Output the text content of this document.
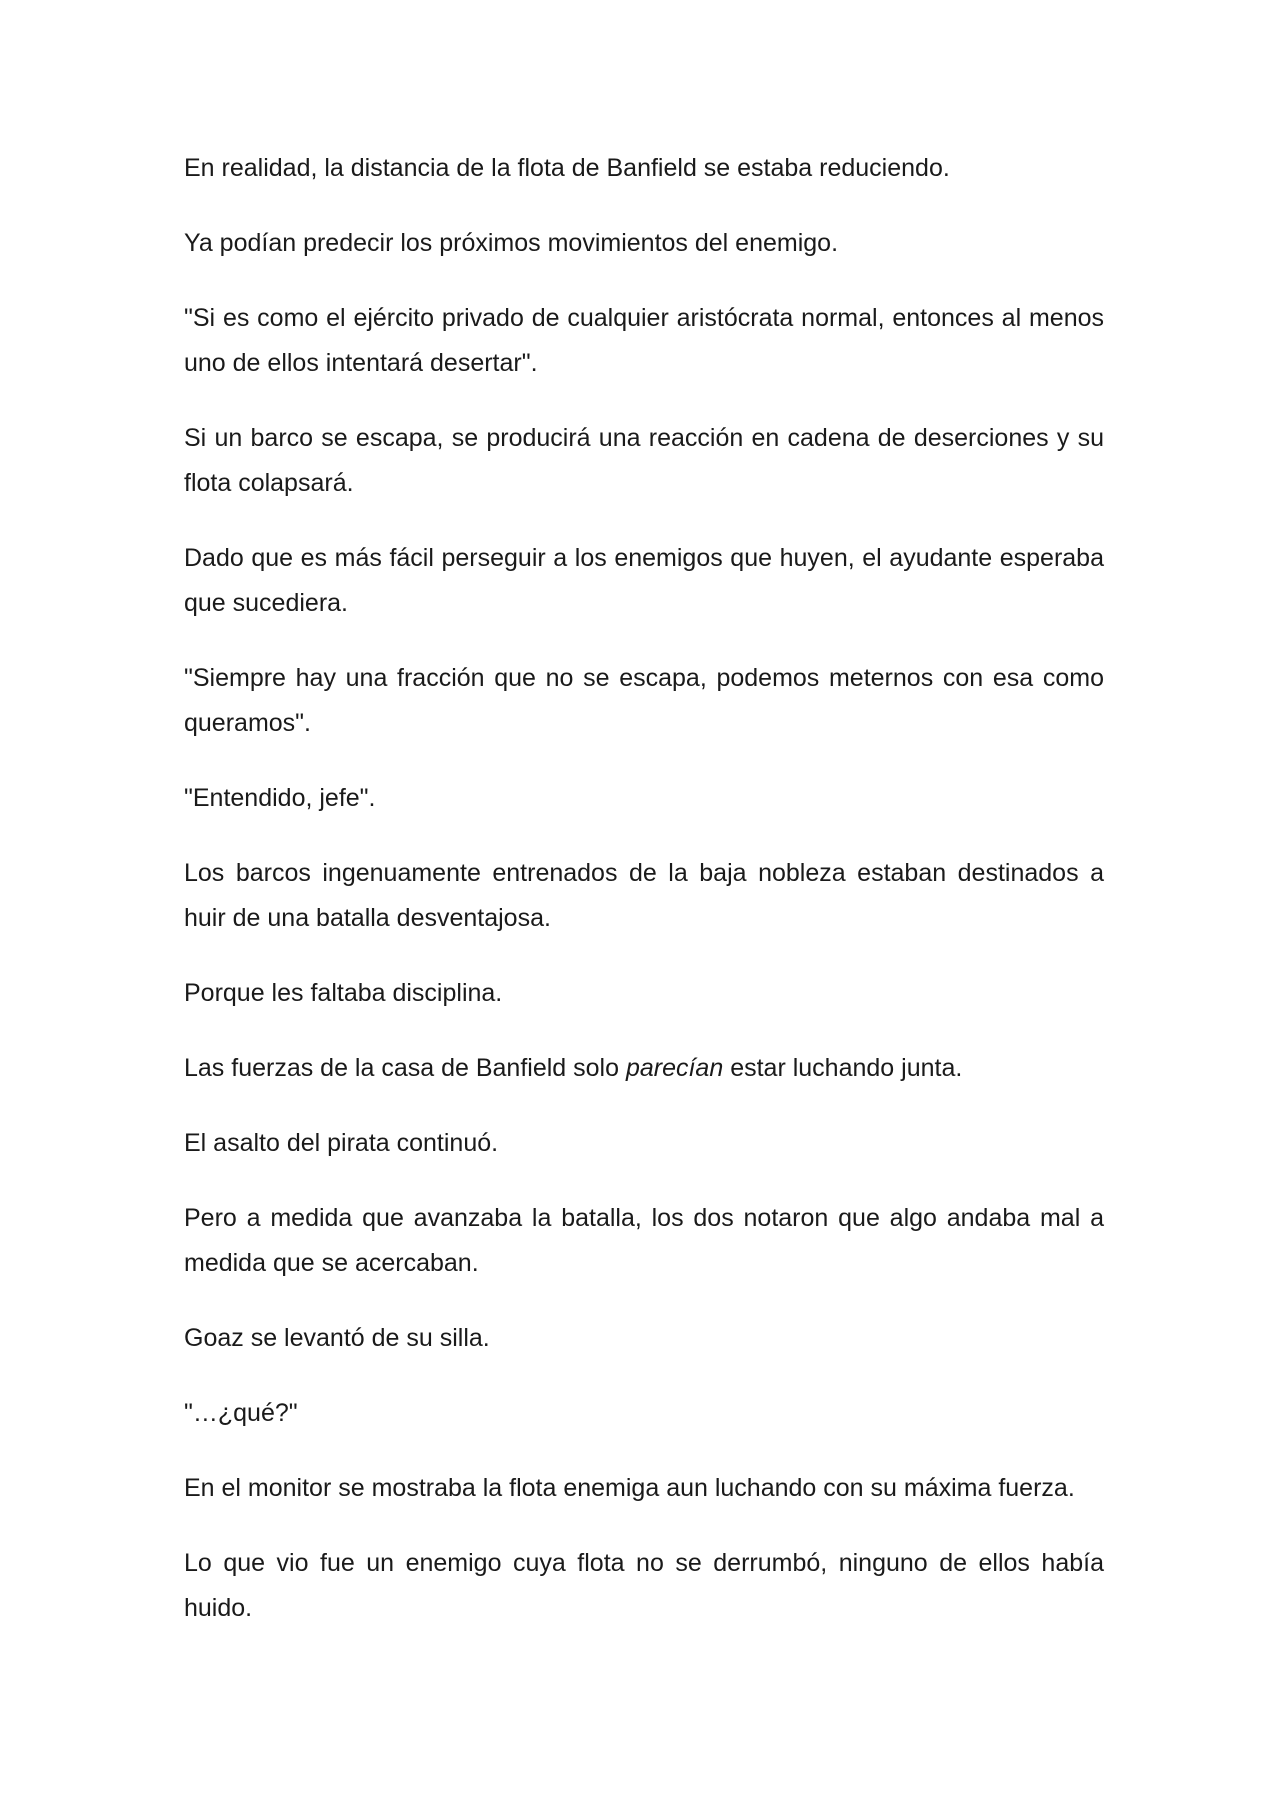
En realidad, la distancia de la flota de Banfield se estaba reduciendo.

Ya podían predecir los próximos movimientos del enemigo.

"Si es como el ejército privado de cualquier aristócrata normal, entonces al menos uno de ellos intentará desertar".

Si un barco se escapa, se producirá una reacción en cadena de deserciones y su flota colapsará.

Dado que es más fácil perseguir a los enemigos que huyen, el ayudante esperaba que sucediera.

"Siempre hay una fracción que no se escapa, podemos meternos con esa como queramos".

"Entendido, jefe".

Los barcos ingenuamente entrenados de la baja nobleza estaban destinados a huir de una batalla desventajosa.

Porque les faltaba disciplina.

Las fuerzas de la casa de Banfield solo parecían estar luchando junta.

El asalto del pirata continuó.

Pero a medida que avanzaba la batalla, los dos notaron que algo andaba mal a medida que se acercaban.

Goaz se levantó de su silla.

"…¿qué?"

En el monitor se mostraba la flota enemiga aun luchando con su máxima fuerza.

Lo que vio fue un enemigo cuya flota no se derrumbó, ninguno de ellos había huido.
